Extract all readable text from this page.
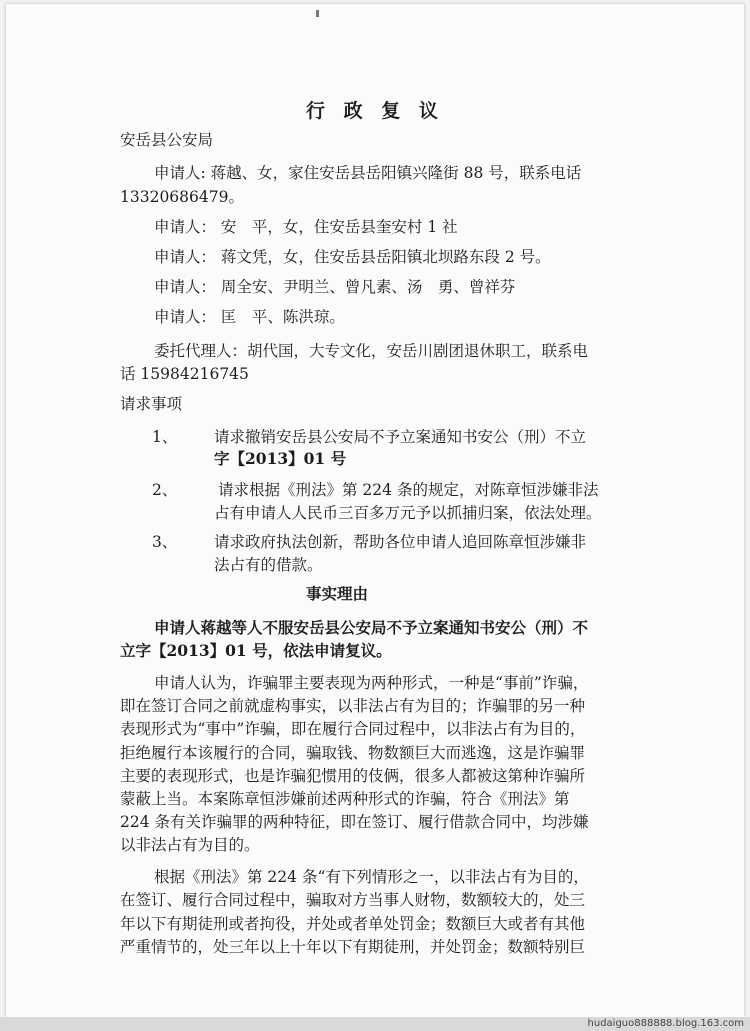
行 政 复 议
安岳县公安局
申请人: 蒋越、女，家住安岳县岳阳镇兴隆街 88 号，联系电话
13320686479。
申请人： 安　平，女，住安岳县奎安村 1 社
申请人： 蒋文凭，女，住安岳县岳阳镇北坝路东段 2 号。
申请人： 周全安、尹明兰、曾凡素、汤　勇、曾祥芬
申请人： 匡　平、陈洪琼。
委托代理人：胡代国，大专文化，安岳川剧团退休职工，联系电
话 15984216745
请求事项
1、 请求撤销安岳县公安局不予立案通知书安公（刑）不立
字【2013】01 号
2、	请求根据《刑法》第 224 条的规定，对陈章恒涉嫌非法
占有申请人人民币三百多万元予以抓捕归案，依法处理。
3、 请求政府执法创新，帮助各位申请人追回陈章恒涉嫌非
法占有的借款。
事实理由
申请人蒋越等人不服安岳县公安局不予立案通知书安公（刑）不
立字【2013】01 号，依法申请复议。
申请人认为，诈骗罪主要表现为两种形式，一种是“事前”诈骗，
即在签订合同之前就虚构事实，以非法占有为目的；诈骗罪的另一种
表现形式为“事中”诈骗，即在履行合同过程中，以非法占有为目的，
拒绝履行本该履行的合同，骗取钱、物数额巨大而逃逸，这是诈骗罪
主要的表现形式，也是诈骗犯惯用的伎俩，很多人都被这第种诈骗所
蒙蔽上当。本案陈章恒涉嫌前述两种形式的诈骗，符合《刑法》第
224 条有关诈骗罪的两种特征，即在签订、履行借款合同中，均涉嫌
以非法占有为目的。
根据《刑法》第 224 条“有下列情形之一，以非法占有为目的，
在签订、履行合同过程中，骗取对方当事人财物，数额较大的，处三
年以下有期徒刑或者拘役，并处或者单处罚金；数额巨大或者有其他
严重情节的，处三年以上十年以下有期徒刑，并处罚金；数额特别巨
hudaiguo888888.blog.163.com
